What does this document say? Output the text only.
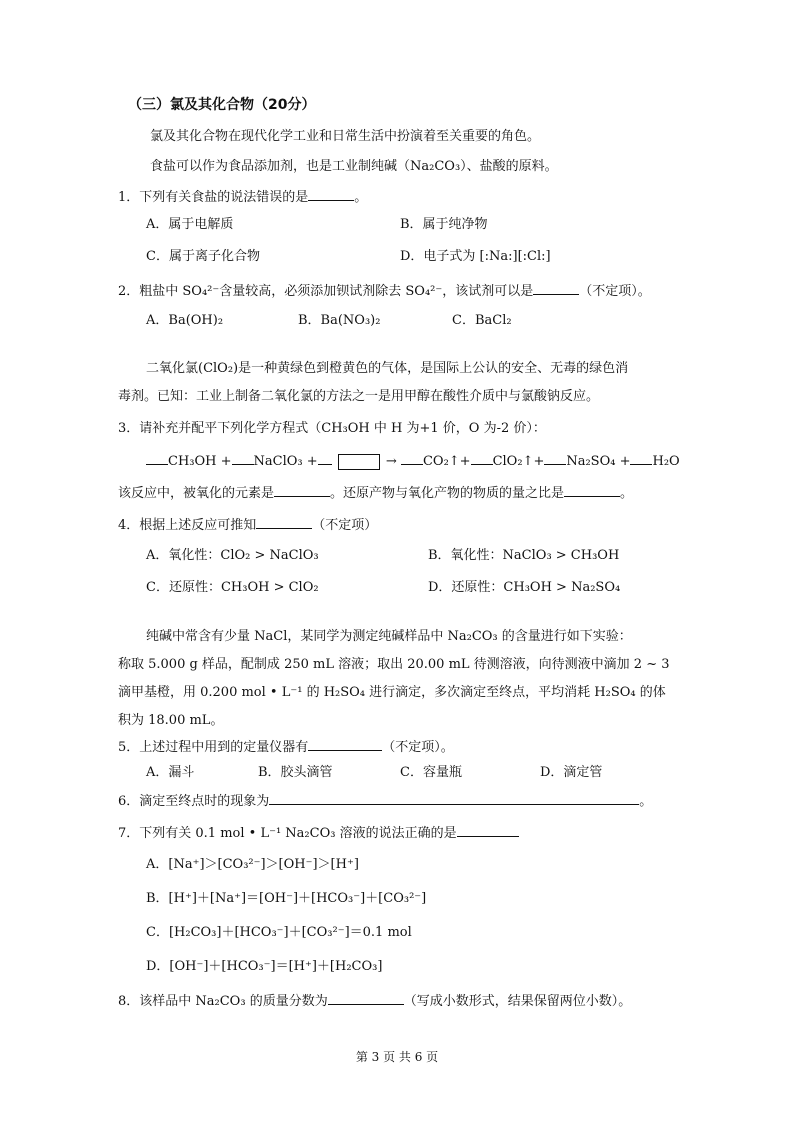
（三）氯及其化合物（20分）
氯及其化合物在现代化学工业和日常生活中扮演着至关重要的角色。
食盐可以作为食品添加剂，也是工业制纯碱（Na₂CO₃）、盐酸的原料。
1．下列有关食盐的说法错误的是	。
A．属于电解质	B．属于纯净物
C．属于离子化合物	D．电子式为 [:Na:][:Cl:]
2．粗盐中 SO₄²⁻含量较高，必须添加钡试剂除去 SO₄²⁻，该试剂可以是	（不定项）。
A．Ba(OH)₂	B．Ba(NO₃)₂	C．BaCl₂
二氧化氯(ClO₂)是一种黄绿色到橙黄色的气体，是国际上公认的安全、无毒的绿色消
毒剂。已知：工业上制备二氧化氯的方法之一是用甲醇在酸性介质中与氯酸钠反应。
3．请补充并配平下列化学方程式（CH₃OH 中 H 为+1 价，O 为-2 价）：
CH₃OH + NaClO₃ +	→ CO₂↑+ ClO₂↑+ Na₂SO₄ + H₂O
该反应中，被氧化的元素是	。还原产物与氧化产物的物质的量之比是	。
4．根据上述反应可推知	（不定项）
A．氧化性：ClO₂ > NaClO₃	B．氧化性：NaClO₃ > CH₃OH
C．还原性：CH₃OH > ClO₂	D．还原性：CH₃OH > Na₂SO₄
纯碱中常含有少量 NaCl，某同学为测定纯碱样品中 Na₂CO₃ 的含量进行如下实验：
称取 5.000 g 样品，配制成 250 mL 溶液；取出 20.00 mL 待测溶液，向待测液中滴加 2 ~ 3
滴甲基橙，用 0.200 mol • L⁻¹ 的 H₂SO₄ 进行滴定，多次滴定至终点，平均消耗 H₂SO₄ 的体
积为 18.00 mL。
5．上述过程中用到的定量仪器有	（不定项）。
A．漏斗	B．胶头滴管	C．容量瓶	D．滴定管
6．滴定至终点时的现象为	。
7．下列有关 0.1 mol • L⁻¹ Na₂CO₃ 溶液的说法正确的是
A．[Na⁺]＞[CO₃²⁻]＞[OH⁻]＞[H⁺]
B．[H⁺]＋[Na⁺]＝[OH⁻]＋[HCO₃⁻]＋[CO₃²⁻]
C．[H₂CO₃]＋[HCO₃⁻]＋[CO₃²⁻]＝0.1 mol
D．[OH⁻]＋[HCO₃⁻]＝[H⁺]＋[H₂CO₃]
8．该样品中 Na₂CO₃ 的质量分数为	（写成小数形式，结果保留两位小数）。
第 3 页 共 6 页
